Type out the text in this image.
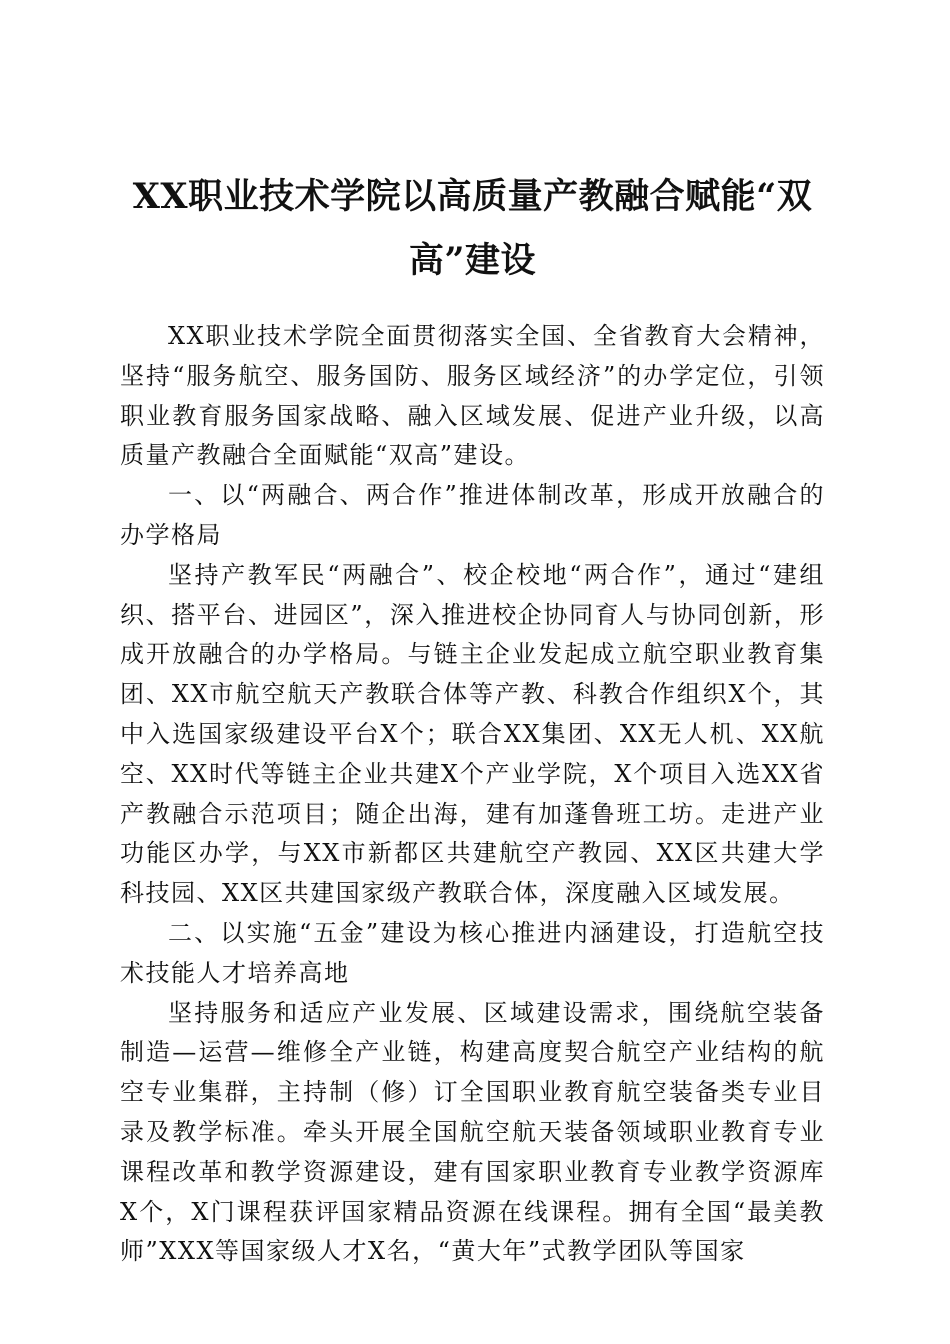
XX职业技术学院以高质量产教融合赋能“双
高”建设

XX职业技术学院全面贯彻落实全国、全省教育大会精神，坚持“服务航空、服务国防、服务区域经济”的办学定位，引领职业教育服务国家战略、融入区域发展、促进产业升级，以高质量产教融合全面赋能“双高”建设。

一、以“两融合、两合作”推进体制改革，形成开放融合的办学格局

坚持产教军民“两融合”、校企校地“两合作”，通过“建组织、搭平台、进园区”，深入推进校企协同育人与协同创新，形成开放融合的办学格局。与链主企业发起成立航空职业教育集团、XX市航空航天产教联合体等产教、科教合作组织X个，其中入选国家级建设平台X个；联合XX集团、XX无人机、XX航空、XX时代等链主企业共建X个产业学院，X个项目入选XX省产教融合示范项目；随企出海，建有加蓬鲁班工坊。走进产业功能区办学，与XX市新都区共建航空产教园、XX区共建大学科技园、XX区共建国家级产教联合体，深度融入区域发展。

二、以实施“五金”建设为核心推进内涵建设，打造航空技术技能人才培养高地

坚持服务和适应产业发展、区域建设需求，围绕航空装备制造—运营—维修全产业链，构建高度契合航空产业结构的航空专业集群，主持制（修）订全国职业教育航空装备类专业目录及教学标准。牵头开展全国航空航天装备领域职业教育专业课程改革和教学资源建设，建有国家职业教育专业教学资源库X个，X门课程获评国家精品资源在线课程。拥有全国“最美教师”XXX等国家级人才X名，“黄大年”式教学团队等国家
